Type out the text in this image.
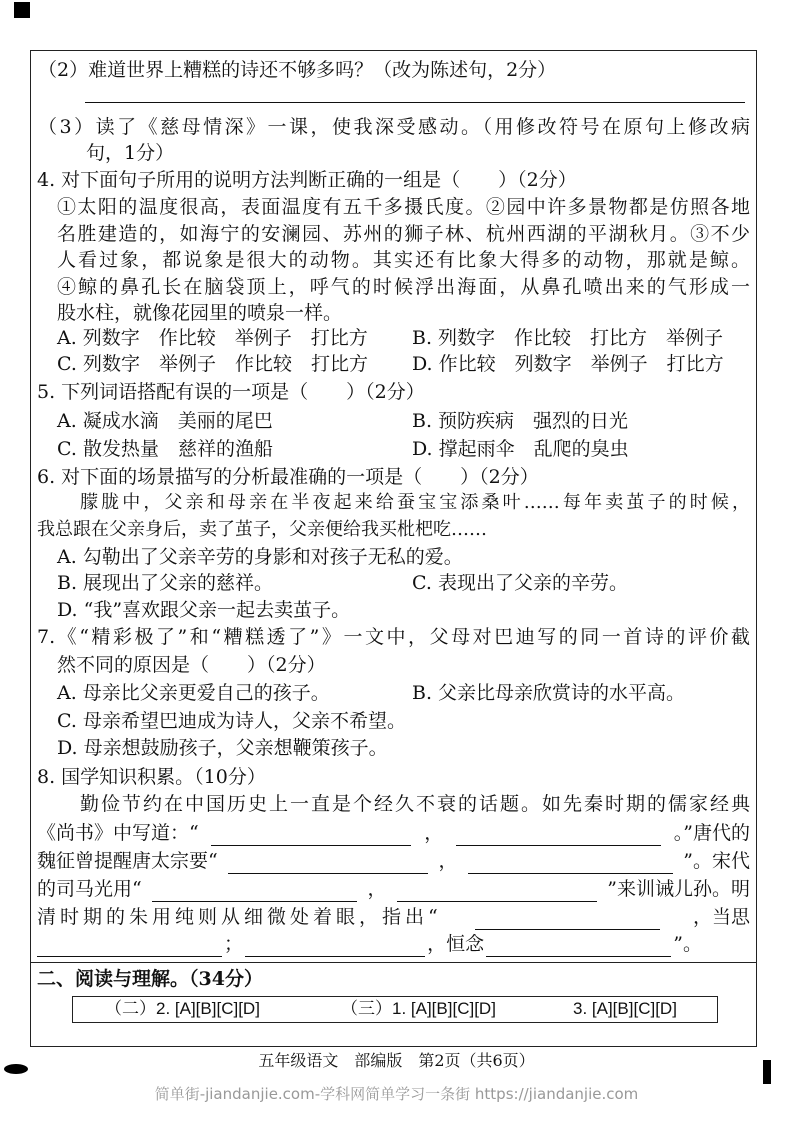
（2）难道世界上糟糕的诗还不够多吗？（改为陈述句，2分）
（3）读了《慈母情深》一课，使我深受感动。（用修改符号在原句上修改病
句，1分）
4. 对下面句子所用的说明方法判断正确的一组是（　　）（2分）
①太阳的温度很高，表面温度有五千多摄氏度。②园中许多景物都是仿照各地
名胜建造的，如海宁的安澜园、苏州的狮子林、杭州西湖的平湖秋月。③不少
人看过象，都说象是很大的动物。其实还有比象大得多的动物，那就是鲸。
④鲸的鼻孔长在脑袋顶上，呼气的时候浮出海面，从鼻孔喷出来的气形成一
股水柱，就像花园里的喷泉一样。
A. 列数字　作比较　举例子　打比方 B. 列数字　作比较　打比方　举例子
C. 列数字　举例子　作比较　打比方 D. 作比较　列数字　举例子　打比方
5. 下列词语搭配有误的一项是（　　）（2分）
A. 凝成水滴　美丽的尾巴	B. 预防疾病　强烈的日光
C. 散发热量　慈祥的渔船	D. 撑起雨伞　乱爬的臭虫
6. 对下面的场景描写的分析最准确的一项是（　　）（2分）
朦胧中，父亲和母亲在半夜起来给蚕宝宝添桑叶……每年卖茧子的时候，
我总跟在父亲身后，卖了茧子，父亲便给我买枇杷吃……
A. 勾勒出了父亲辛劳的身影和对孩子无私的爱。
B. 展现出了父亲的慈祥。	C. 表现出了父亲的辛劳。
D. “我”喜欢跟父亲一起去卖茧子。
7.《“精彩极了”和“糟糕透了”》一文中，父母对巴迪写的同一首诗的评价截
然不同的原因是（　　）（2分）
A. 母亲比父亲更爱自己的孩子。	B. 父亲比母亲欣赏诗的水平高。
C. 母亲希望巴迪成为诗人，父亲不希望。
D. 母亲想鼓励孩子，父亲想鞭策孩子。
8. 国学知识积累。（10分）
勤俭节约在中国历史上一直是个经久不衰的话题。如先秦时期的儒家经典
《尚书》中写道：“	，	。”唐代的
魏征曾提醒唐太宗要“	，	”。宋代
的司马光用“	，	”来训诫儿孙。明
清时期的朱用纯则从细微处着眼，指出“	，当思
；	，恒念	”。
二、阅读与理解。（34分）
（二）2. [A][B][C][D]	（三）1. [A][B][C][D]	3. [A][B][C][D]
五年级语文　部编版　第2页（共6页）
简单街-jiandanjie.com-学科网简单学习一条街 https://jiandanjie.com
